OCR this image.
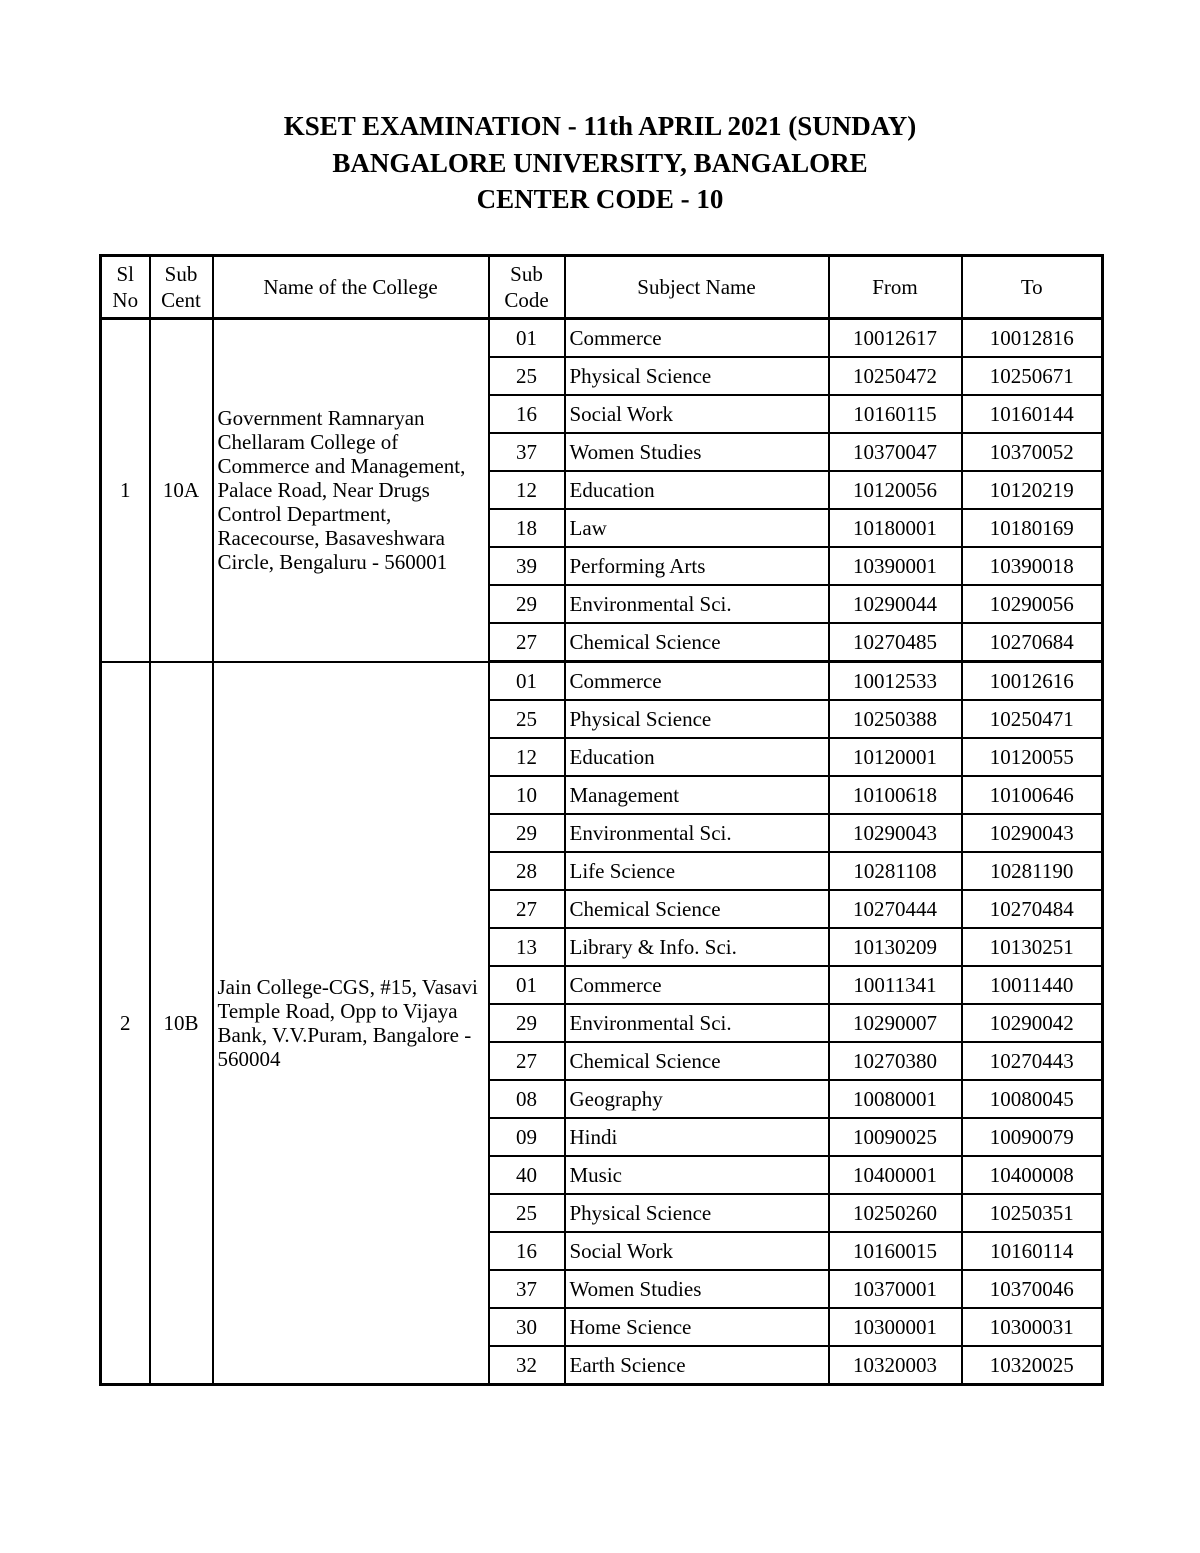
KSET EXAMINATION - 11th APRIL 2021 (SUNDAY)
BANGALORE UNIVERSITY, BANGALORE
CENTER CODE - 10
Sl No	Sub Cent	Name of the College	Sub Code	Subject Name	From	To
1	10A	Government Ramnaryan Chellaram College of Commerce and Management, Palace Road, Near Drugs Control Department, Racecourse, Basaveshwara Circle, Bengaluru - 560001	01	Commerce	10012617	10012816
			25	Physical Science	10250472	10250671
			16	Social Work	10160115	10160144
			37	Women Studies	10370047	10370052
			12	Education	10120056	10120219
			18	Law	10180001	10180169
			39	Performing Arts	10390001	10390018
			29	Environmental Sci.	10290044	10290056
			27	Chemical Science	10270485	10270684
2	10B	Jain College-CGS, #15, Vasavi Temple Road, Opp to Vijaya Bank, V.V.Puram, Bangalore - 560004	01	Commerce	10012533	10012616
			25	Physical Science	10250388	10250471
			12	Education	10120001	10120055
			10	Management	10100618	10100646
			29	Environmental Sci.	10290043	10290043
			28	Life Science	10281108	10281190
			27	Chemical Science	10270444	10270484
			13	Library & Info. Sci.	10130209	10130251
			01	Commerce	10011341	10011440
			29	Environmental Sci.	10290007	10290042
			27	Chemical Science	10270380	10270443
			08	Geography	10080001	10080045
			09	Hindi	10090025	10090079
			40	Music	10400001	10400008
			25	Physical Science	10250260	10250351
			16	Social Work	10160015	10160114
			37	Women Studies	10370001	10370046
			30	Home Science	10300001	10300031
			32	Earth Science	10320003	10320025
